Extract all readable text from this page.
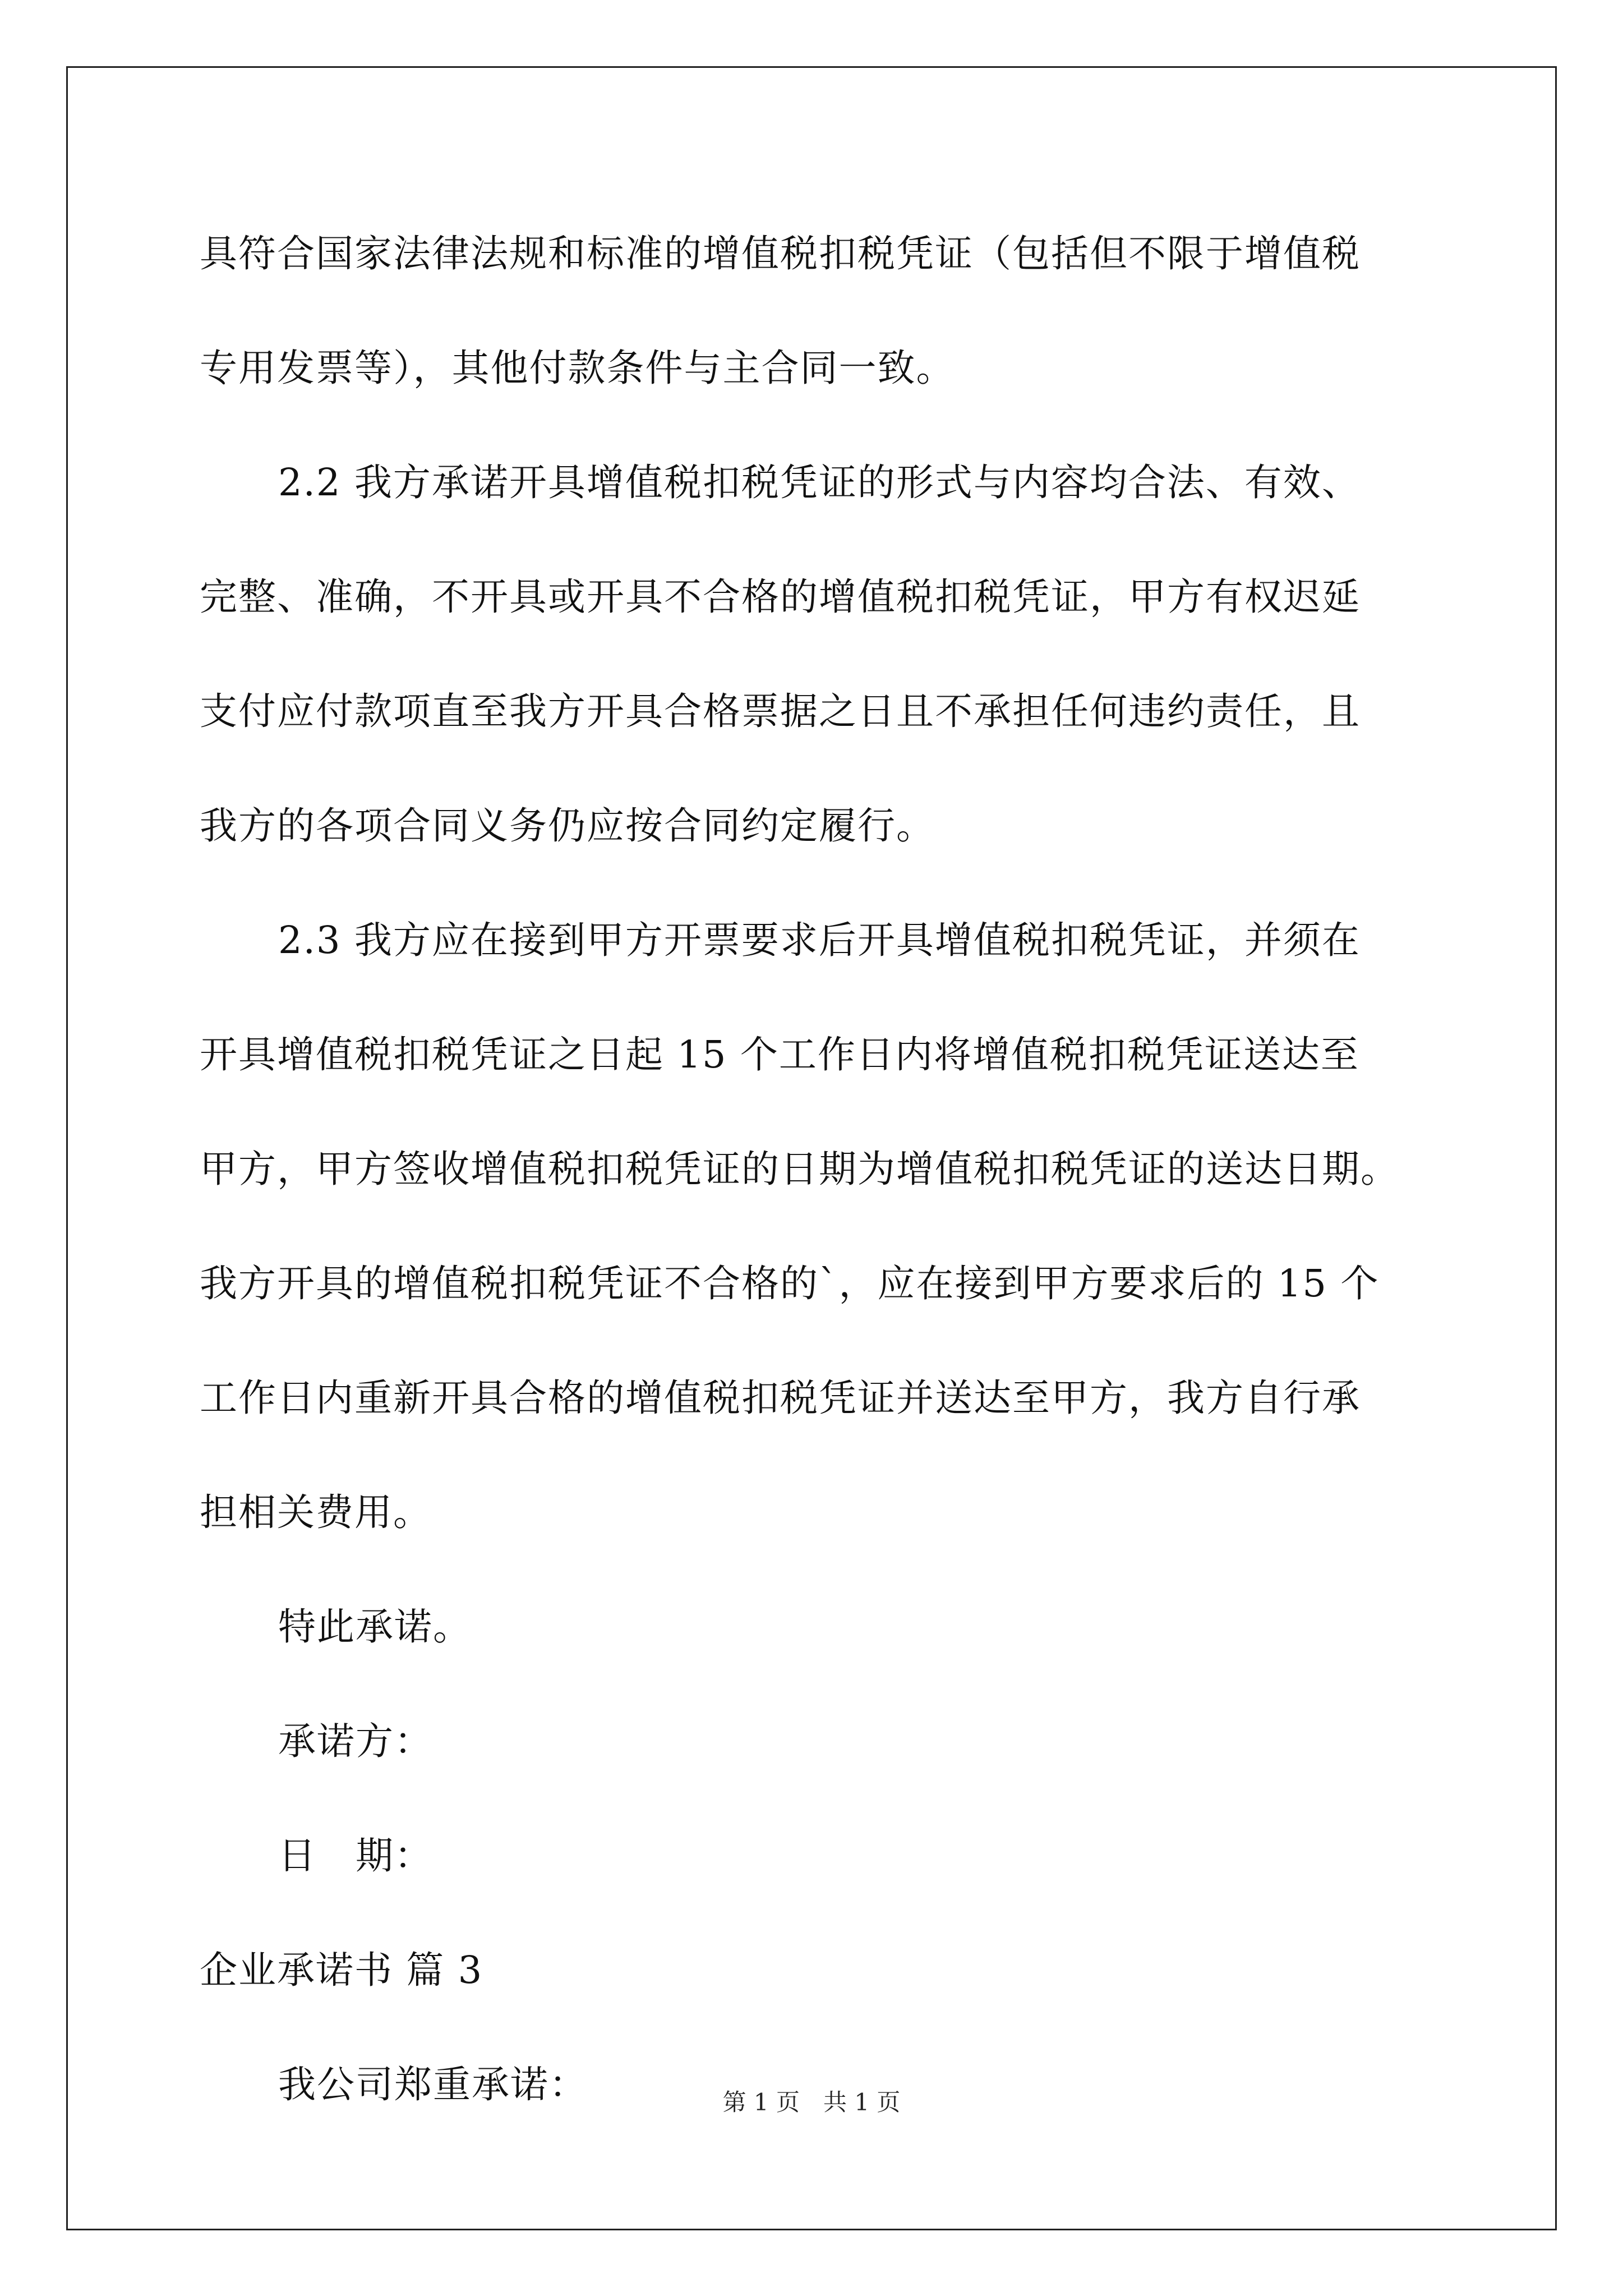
具符合国家法律法规和标准的增值税扣税凭证（包括但不限于增值税
专用发票等），其他付款条件与主合同一致。
2.2 我方承诺开具增值税扣税凭证的形式与内容均合法、有效、
完整、准确，不开具或开具不合格的增值税扣税凭证，甲方有权迟延
支付应付款项直至我方开具合格票据之日且不承担任何违约责任，且
我方的各项合同义务仍应按合同约定履行。
2.3 我方应在接到甲方开票要求后开具增值税扣税凭证，并须在
开具增值税扣税凭证之日起 15 个工作日内将增值税扣税凭证送达至
甲方，甲方签收增值税扣税凭证的日期为增值税扣税凭证的送达日期。
我方开具的增值税扣税凭证不合格的`，应在接到甲方要求后的 15 个
工作日内重新开具合格的增值税扣税凭证并送达至甲方，我方自行承
担相关费用。
特此承诺。
承诺方：
日　期：
企业承诺书 篇 3
我公司郑重承诺：	第 1 页　共 1 页
